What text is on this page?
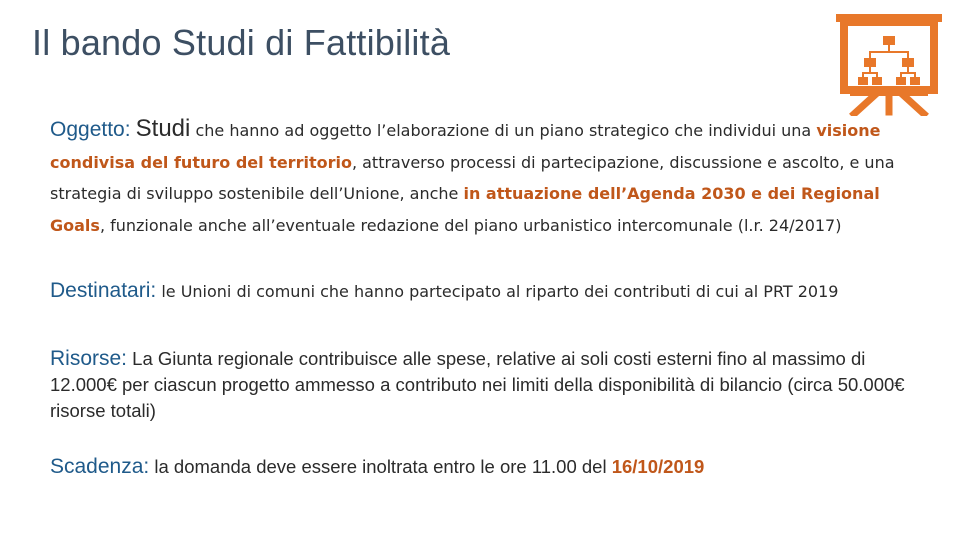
Il bando Studi di Fattibilità
Oggetto: Studi che hanno ad oggetto l’elaborazione di un piano strategico che individui una visione condivisa del futuro del territorio, attraverso processi di partecipazione, discussione e ascolto, e una strategia di sviluppo sostenibile dell’Unione, anche in attuazione dell’Agenda 2030 e dei Regional Goals, funzionale anche all’eventuale redazione del piano urbanistico intercomunale (l.r. 24/2017)
Destinatari: le Unioni di comuni che hanno partecipato al riparto dei contributi di cui al PRT 2019
Risorse: La Giunta regionale contribuisce alle spese, relative ai soli costi esterni fino al massimo di 12.000€ per ciascun progetto ammesso a contributo nei limiti della disponibilità di bilancio (circa 50.000€ risorse totali)
Scadenza: la domanda deve essere inoltrata entro le ore 11.00 del 16/10/2019
